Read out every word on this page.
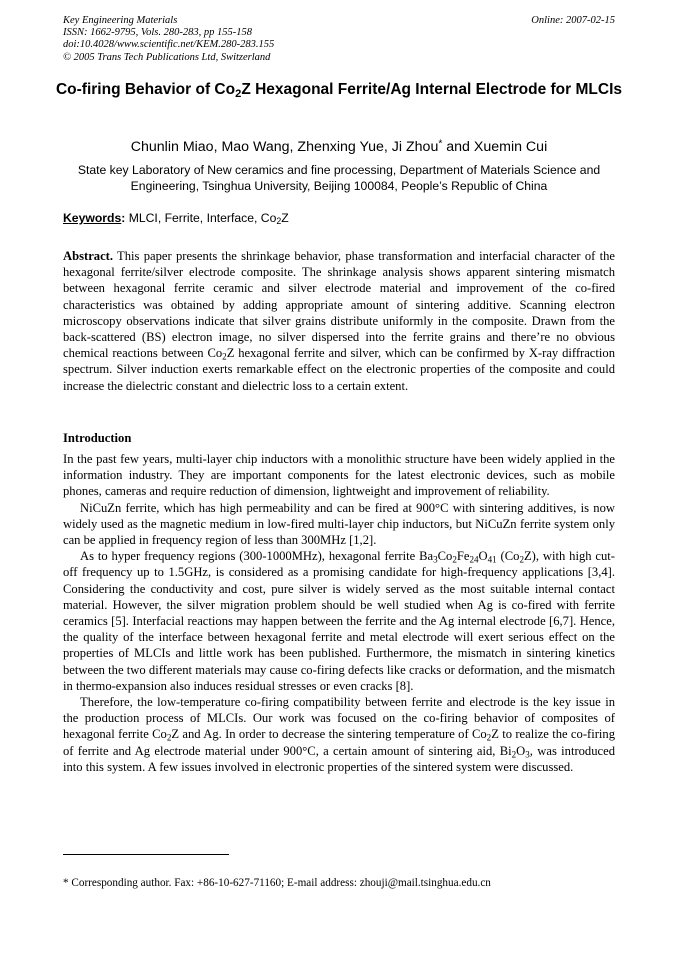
Key Engineering Materials
ISSN: 1662-9795, Vols. 280-283, pp 155-158
doi:10.4028/www.scientific.net/KEM.280-283.155
© 2005 Trans Tech Publications Ltd, Switzerland
Online: 2007-02-15
Co-firing Behavior of $Co_2Z$ Hexagonal Ferrite/Ag Internal Electrode for MLCIs
Chunlin Miao, Mao Wang, Zhenxing Yue, Ji Zhou* and Xuemin Cui
State key Laboratory of New ceramics and fine processing, Department of Materials Science and Engineering, Tsinghua University, Beijing 100084, People’s Republic of China
Keywords: MLCI, Ferrite, Interface, $Co_2Z$
Abstract. This paper presents the shrinkage behavior, phase transformation and interfacial character of the hexagonal ferrite/silver electrode composite. The shrinkage analysis shows apparent sintering mismatch between hexagonal ferrite ceramic and silver electrode material and improvement of the co-fired characteristics was obtained by adding appropriate amount of sintering additive. Scanning electron microscopy observations indicate that silver grains distribute uniformly in the composite. Drawn from the back-scattered (BS) electron image, no silver dispersed into the ferrite grains and there’re no obvious chemical reactions between $Co_2Z$ hexagonal ferrite and silver, which can be confirmed by X-ray diffraction spectrum. Silver induction exerts remarkable effect on the electronic properties of the composite and could increase the dielectric constant and dielectric loss to a certain extent.
Introduction

In the past few years, multi-layer chip inductors with a monolithic structure have been widely applied in the information industry. They are important components for the latest electronic devices, such as mobile phones, cameras and require reduction of dimension, lightweight and improvement of reliability.

NiCuZn ferrite, which has high permeability and can be fired at 900°C with sintering additives, is now widely used as the magnetic medium in low-fired multi-layer chip inductors, but NiCuZn ferrite system only can be applied in frequency region of less than 300MHz [1,2].

As to hyper frequency regions (300-1000MHz), hexagonal ferrite $Ba_3Co_2Fe_{24}O_{41}$ $(Co_2Z)$, with high cut-off frequency up to 1.5GHz, is considered as a promising candidate for high-frequency applications [3,4]. Considering the conductivity and cost, pure silver is widely served as the most suitable internal contact material. However, the silver migration problem should be well studied when Ag is co-fired with ferrite ceramics [5]. Interfacial reactions may happen between the ferrite and the Ag internal electrode [6,7]. Hence, the quality of the interface between hexagonal ferrite and metal electrode will exert serious effect on the properties of MLCIs and little work has been published. Furthermore, the mismatch in sintering kinetics between the two different materials may cause co-firing defects like cracks or deformation, and the mismatch in thermo-expansion also induces residual stresses or even cracks [8].

Therefore, the low-temperature co-firing compatibility between ferrite and electrode is the key issue in the production process of MLCIs. Our work was focused on the co-firing behavior of composites of hexagonal ferrite $Co_2Z$ and Ag. In order to decrease the sintering temperature of $Co_2Z$ to realize the co-firing of ferrite and Ag electrode material under 900°C, a certain amount of sintering aid, $Bi_2O_3$, was introduced into this system. A few issues involved in electronic properties of the sintered system were discussed.

* Corresponding author. Fax: +86-10-627-71160; E-mail address: zhouji@mail.tsinghua.edu.cn
